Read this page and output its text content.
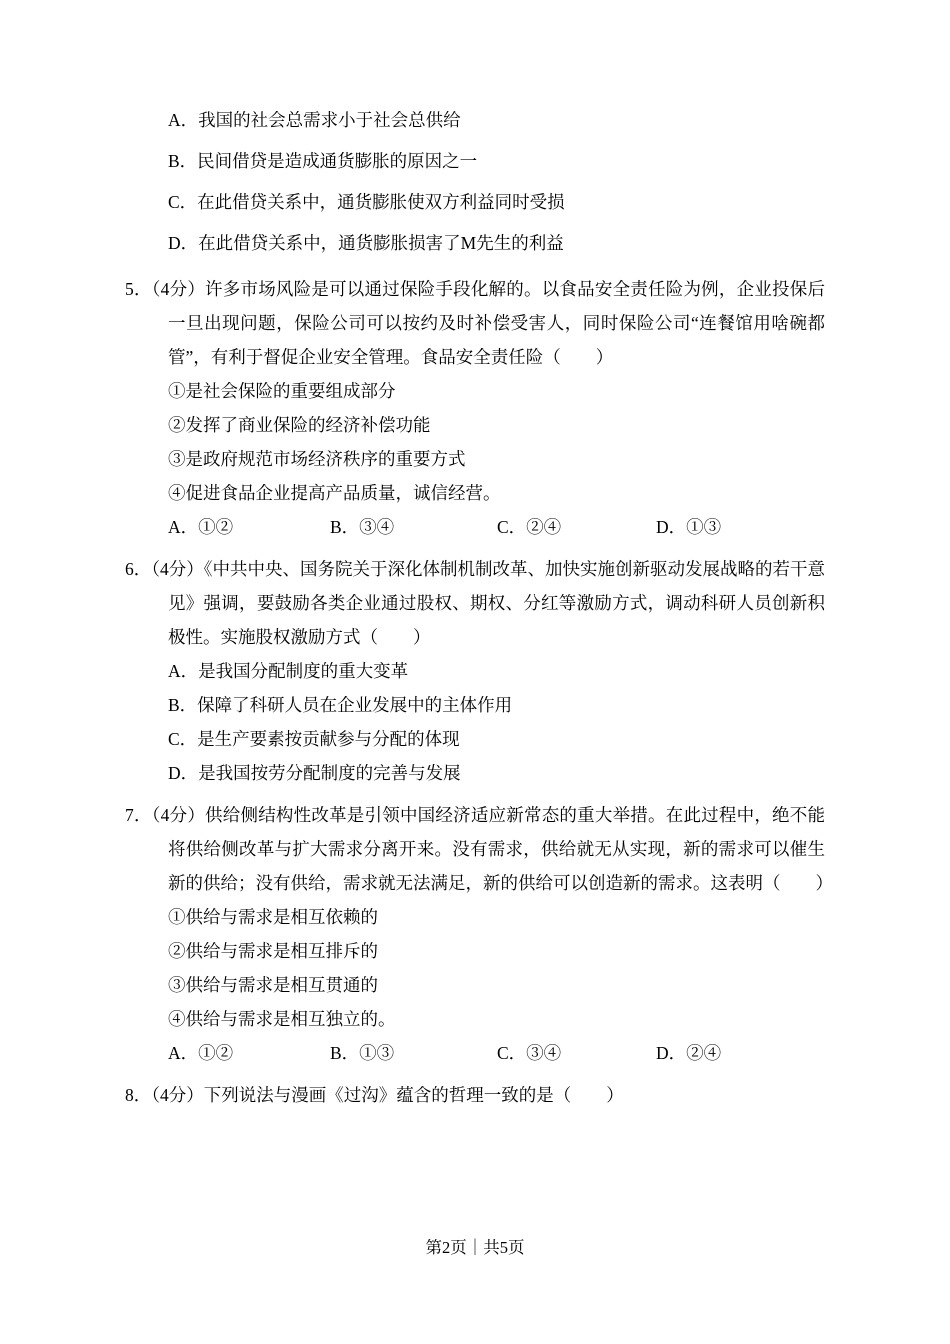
A．我国的社会总需求小于社会总供给

B．民间借贷是造成通货膨胀的原因之一

C．在此借贷关系中，通货膨胀使双方利益同时受损

D．在此借贷关系中，通货膨胀损害了M先生的利益

5．（4分）许多市场风险是可以通过保险手段化解的。以食品安全责任险为例，企业投保后一旦出现问题，保险公司可以按约及时补偿受害人，同时保险公司“连餐馆用啥碗都管”，有利于督促企业安全管理。食品安全责任险（　　）

①是社会保险的重要组成部分

②发挥了商业保险的经济补偿功能

③是政府规范市场经济秩序的重要方式

④促进食品企业提高产品质量，诚信经营。

A．①②	B．③④	C．②④	D．①③

6．（4分）《中共中央、国务院关于深化体制机制改革、加快实施创新驱动发展战略的若干意见》强调，要鼓励各类企业通过股权、期权、分红等激励方式，调动科研人员创新积极性。实施股权激励方式（　　）

A．是我国分配制度的重大变革

B．保障了科研人员在企业发展中的主体作用

C．是生产要素按贡献参与分配的体现

D．是我国按劳分配制度的完善与发展

7．（4分）供给侧结构性改革是引领中国经济适应新常态的重大举措。在此过程中，绝不能将供给侧改革与扩大需求分离开来。没有需求，供给就无从实现，新的需求可以催生新的供给；没有供给，需求就无法满足，新的供给可以创造新的需求。这表明（　　）

①供给与需求是相互依赖的

②供给与需求是相互排斥的

③供给与需求是相互贯通的

④供给与需求是相互独立的。

A．①②	B．①③	C．③④	D．②④

8．（4分）下列说法与漫画《过沟》蕴含的哲理一致的是（　　）

第2页｜共5页
